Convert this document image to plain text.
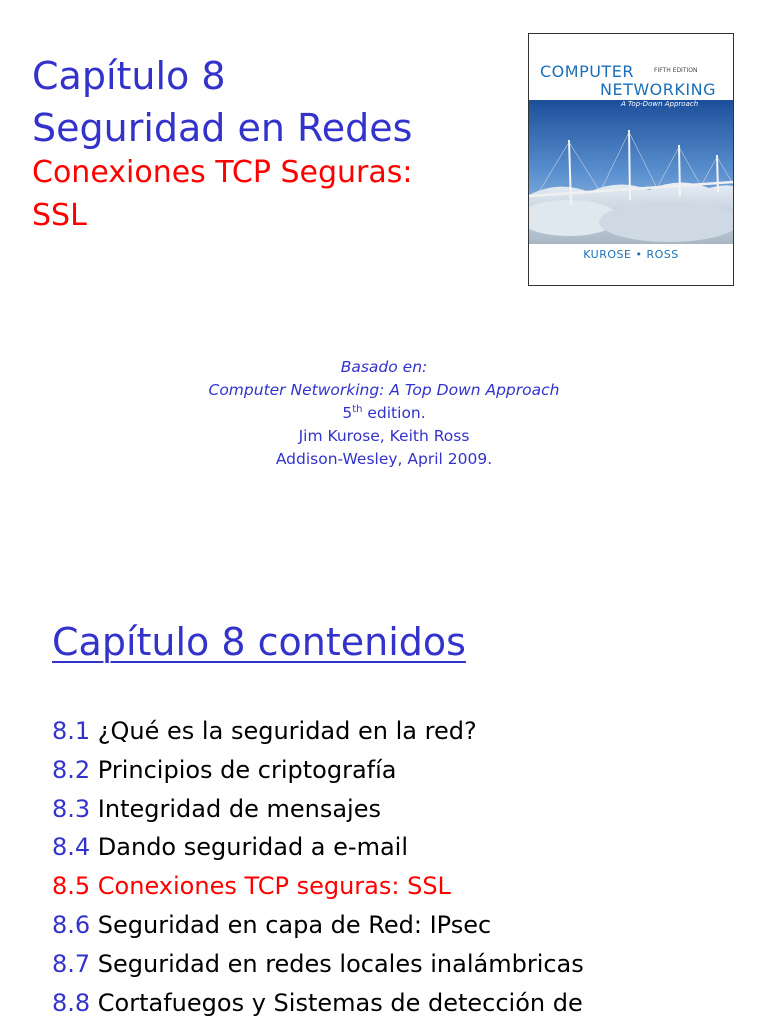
Capítulo 8
Seguridad en Redes
Conexiones TCP Seguras:
SSL
COMPUTER	FIFTH EDITION
NETWORKING
A Top-Down Approach
KUROSE • ROSS
Basado en:
Computer Networking: A Top Down Approach
5th edition.
Jim Kurose, Keith Ross
Addison-Wesley, April 2009.
Capítulo 8 contenidos
8.1 ¿Qué es la seguridad en la red?
8.2 Principios de criptografía
8.3 Integridad de mensajes
8.4 Dando seguridad a e-mail
8.5 Conexiones TCP seguras: SSL
8.6 Seguridad en capa de Red: IPsec
8.7 Seguridad en redes locales inalámbricas
8.8 Cortafuegos y Sistemas de detección de
